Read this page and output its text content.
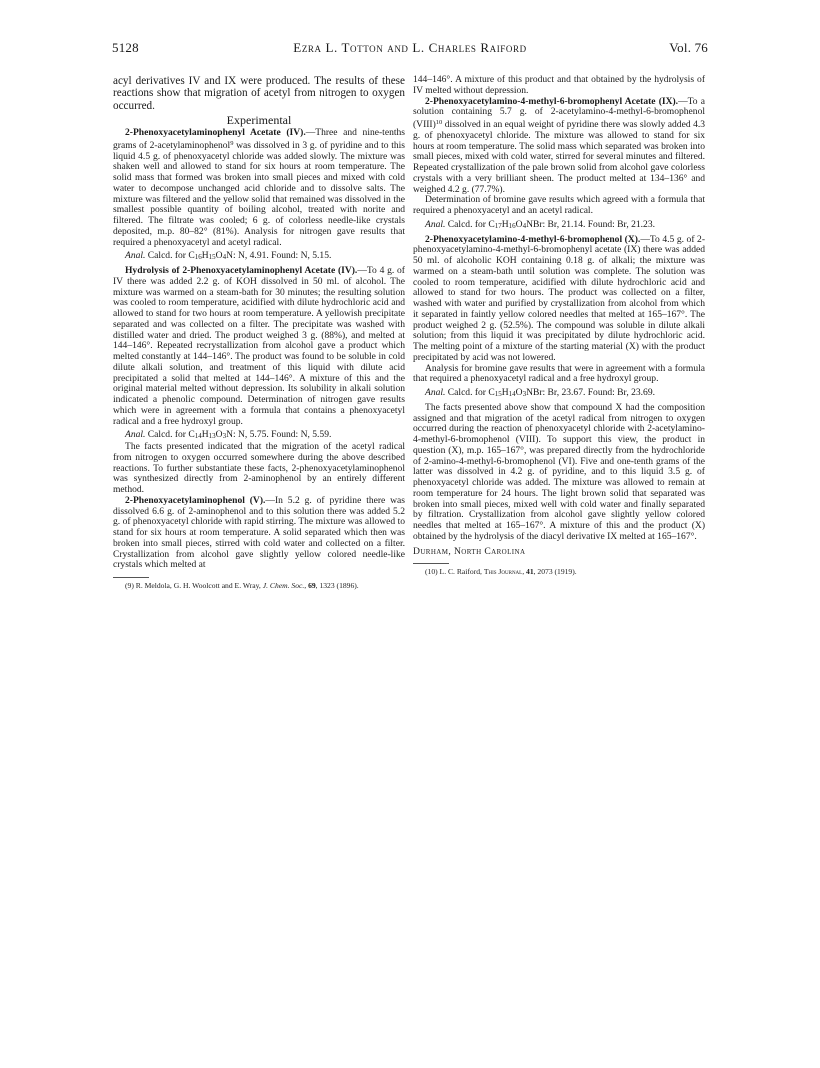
5128	Ezra L. Totton and L. Charles Raiford	Vol. 76

acyl derivatives IV and IX were produced. The results of these reactions show that migration of acetyl from nitrogen to oxygen occurred.

Experimental

2-Phenoxyacetylaminophenyl Acetate (IV).—Three and nine-tenths grams of 2-acetylaminophenol$^9$ was dissolved in 3 g. of pyridine and to this liquid 4.5 g. of phenoxyacetyl chloride was added slowly. The mixture was shaken well and allowed to stand for six hours at room temperature. The solid mass that formed was broken into small pieces and mixed with cold water to decompose unchanged acid chloride and to dissolve salts. The mixture was filtered and the yellow solid that remained was dissolved in the smallest possible quantity of boiling alcohol, treated with norite and filtered. The filtrate was cooled; 6 g. of colorless needle-like crystals deposited, m.p. 80–82° (81%). Analysis for nitrogen gave results that required a phenoxyacetyl and acetyl radical.

Anal. Calcd. for C16H15O4N: N, 4.91. Found: N, 5.15.

Hydrolysis of 2-Phenoxyacetylaminophenyl Acetate (IV).—To 4 g. of IV there was added 2.2 g. of KOH dissolved in 50 ml. of alcohol. The mixture was warmed on a steam-bath for 30 minutes; the resulting solution was cooled to room temperature, acidified with dilute hydrochloric acid and allowed to stand for two hours at room temperature. A yellowish precipitate separated and was collected on a filter. The precipitate was washed with distilled water and dried. The product weighed 3 g. (88%), and melted at 144–146°. Repeated recrystallization from alcohol gave a product which melted constantly at 144–146°. The product was found to be soluble in cold dilute alkali solution, and treatment of this liquid with dilute acid precipitated a solid that melted at 144–146°. A mixture of this and the original material melted without depression. Its solubility in alkali solution indicated a phenolic compound. Determination of nitrogen gave results which were in agreement with a formula that contains a phenoxyacetyl radical and a free hydroxyl group.

Anal. Calcd. for C14H13O3N: N, 5.75. Found: N, 5.59.

The facts presented indicated that the migration of the acetyl radical from nitrogen to oxygen occurred somewhere during the above described reactions. To further substantiate these facts, 2-phenoxyacetylaminophenol was synthesized directly from 2-aminophenol by an entirely different method.

2-Phenoxyacetylaminophenol (V).—In 5.2 g. of pyridine there was dissolved 6.6 g. of 2-aminophenol and to this solution there was added 5.2 g. of phenoxyacetyl chloride with rapid stirring. The mixture was allowed to stand for six hours at room temperature. A solid separated which then was broken into small pieces, stirred with cold water and collected on a filter. Crystallization from alcohol gave slightly yellow colored needle-like crystals which melted at

(9) R. Meldola, G. H. Woolcott and E. Wray, J. Chem. Soc., 69, 1323 (1896).

144–146°. A mixture of this product and that obtained by the hydrolysis of IV melted without depression.

2-Phenoxyacetylamino-4-methyl-6-bromophenyl Acetate (IX).—To a solution containing 5.7 g. of 2-acetylamino-4-methyl-6-bromophenol (VIII)$^{10}$ dissolved in an equal weight of pyridine there was slowly added 4.3 g. of phenoxyacetyl chloride. The mixture was allowed to stand for six hours at room temperature. The solid mass which separated was broken into small pieces, mixed with cold water, stirred for several minutes and filtered. Repeated crystallization of the pale brown solid from alcohol gave colorless crystals with a very brilliant sheen. The product melted at 134–136° and weighed 4.2 g. (77.7%).

Determination of bromine gave results which agreed with a formula that required a phenoxyacetyl and an acetyl radical.

Anal. Calcd. for C17H16O4NBr: Br, 21.14. Found: Br, 21.23.

2-Phenoxyacetylamino-4-methyl-6-bromophenol (X).—To 4.5 g. of 2-phenoxyacetylamino-4-methyl-6-bromophenyl acetate (IX) there was added 50 ml. of alcoholic KOH containing 0.18 g. of alkali; the mixture was warmed on a steam-bath until solution was complete. The solution was cooled to room temperature, acidified with dilute hydrochloric acid and allowed to stand for two hours. The product was collected on a filter, washed with water and purified by crystallization from alcohol from which it separated in faintly yellow colored needles that melted at 165–167°. The product weighed 2 g. (52.5%). The compound was soluble in dilute alkali solution; from this liquid it was precipitated by dilute hydrochloric acid. The melting point of a mixture of the starting material (X) with the product precipitated by acid was not lowered.

Analysis for bromine gave results that were in agreement with a formula that required a phenoxyacetyl radical and a free hydroxyl group.

Anal. Calcd. for C15H14O3NBr: Br, 23.67. Found: Br, 23.69.

The facts presented above show that compound X had the composition assigned and that migration of the acetyl radical from nitrogen to oxygen occurred during the reaction of phenoxyacetyl chloride with 2-acetylamino-4-methyl-6-bromophenol (VIII). To support this view, the product in question (X), m.p. 165–167°, was prepared directly from the hydrochloride of 2-amino-4-methyl-6-bromophenol (VI). Five and one-tenth grams of the latter was dissolved in 4.2 g. of pyridine, and to this liquid 3.5 g. of phenoxyacetyl chloride was added. The mixture was allowed to remain at room temperature for 24 hours. The light brown solid that separated was broken into small pieces, mixed well with cold water and finally separated by filtration. Crystallization from alcohol gave slightly yellow colored needles that melted at 165–167°. A mixture of this and the product (X) obtained by the hydrolysis of the diacyl derivative IX melted at 165–167°.

Durham, North Carolina

(10) L. C. Raiford, This Journal, 41, 2073 (1919).
